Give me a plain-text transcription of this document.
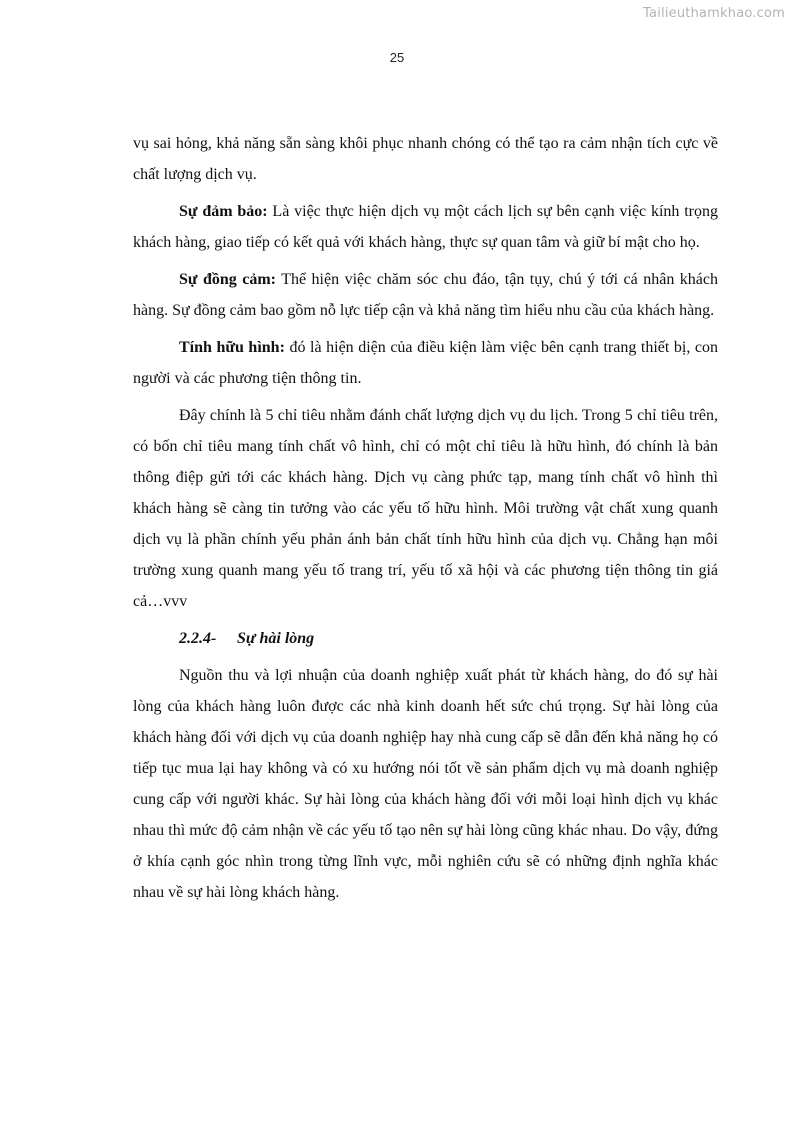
Tailieuthamkhao.com
25

vụ sai hỏng, khả năng sẵn sàng khôi phục nhanh chóng có thể tạo ra cảm nhận tích cực về chất lượng dịch vụ.

Sự đảm bảo: Là việc thực hiện dịch vụ một cách lịch sự bên cạnh việc kính trọng khách hàng, giao tiếp có kết quả với khách hàng, thực sự quan tâm và giữ bí mật cho họ.

Sự đồng cảm: Thể hiện việc chăm sóc chu đáo, tận tụy, chú ý tới cá nhân khách hàng. Sự đồng cảm bao gồm nỗ lực tiếp cận và khả năng tìm hiểu nhu cầu của khách hàng.

Tính hữu hình: đó là hiện diện của điều kiện làm việc bên cạnh trang thiết bị, con người và các phương tiện thông tin.

Đây chính là 5 chỉ tiêu nhằm đánh chất lượng dịch vụ du lịch. Trong 5 chỉ tiêu trên, có bốn chỉ tiêu mang tính chất vô hình, chỉ có một chỉ tiêu là hữu hình, đó chính là bản thông điệp gửi tới các khách hàng. Dịch vụ càng phức tạp, mang tính chất vô hình thì khách hàng sẽ càng tin tưởng vào các yếu tố hữu hình. Môi trường vật chất xung quanh dịch vụ là phần chính yếu phản ánh bản chất tính hữu hình của dịch vụ. Chẳng hạn môi trường xung quanh mang yếu tố trang trí, yếu tố xã hội và các phương tiện thông tin giá cả…vvv

2.2.4- Sự hài lòng

Nguồn thu và lợi nhuận của doanh nghiệp xuất phát từ khách hàng, do đó sự hài lòng của khách hàng luôn được các nhà kinh doanh hết sức chú trọng. Sự hài lòng của khách hàng đối với dịch vụ của doanh nghiệp hay nhà cung cấp sẽ dẫn đến khả năng họ có tiếp tục mua lại hay không và có xu hướng nói tốt về sản phẩm dịch vụ mà doanh nghiệp cung cấp với người khác. Sự hài lòng của khách hàng đối với mỗi loại hình dịch vụ khác nhau thì mức độ cảm nhận về các yếu tố tạo nên sự hài lòng cũng khác nhau. Do vậy, đứng ở khía cạnh góc nhìn trong từng lĩnh vực, mỗi nghiên cứu sẽ có những định nghĩa khác nhau về sự hài lòng khách hàng.
